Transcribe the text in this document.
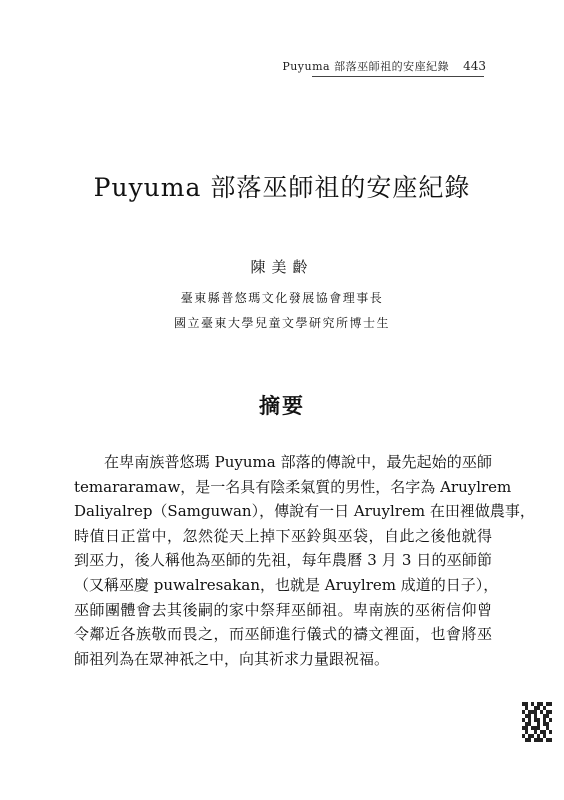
Puyuma 部落巫師祖的安座紀錄 443
Puyuma 部落巫師祖的安座紀錄
陳美齡
臺東縣普悠瑪文化發展協會理事長
國立臺東大學兒童文學研究所博士生
摘要
在卑南族普悠瑪 Puyuma 部落的傳說中，最先起始的巫師
temararamaw，是一名具有陰柔氣質的男性，名字為 Aruylrem
Daliyalrep（Samguwan），傳說有一日 Aruylrem 在田裡做農事，
時值日正當中，忽然從天上掉下巫鈴與巫袋，自此之後他就得
到巫力，後人稱他為巫師的先祖，每年農曆 3 月 3 日的巫師節
（又稱巫慶 puwalresakan，也就是 Aruylrem 成道的日子），
巫師團體會去其後嗣的家中祭拜巫師祖。卑南族的巫術信仰曾
令鄰近各族敬而畏之，而巫師進行儀式的禱文裡面，也會將巫
師祖列為在眾神祇之中，向其祈求力量跟祝福。
